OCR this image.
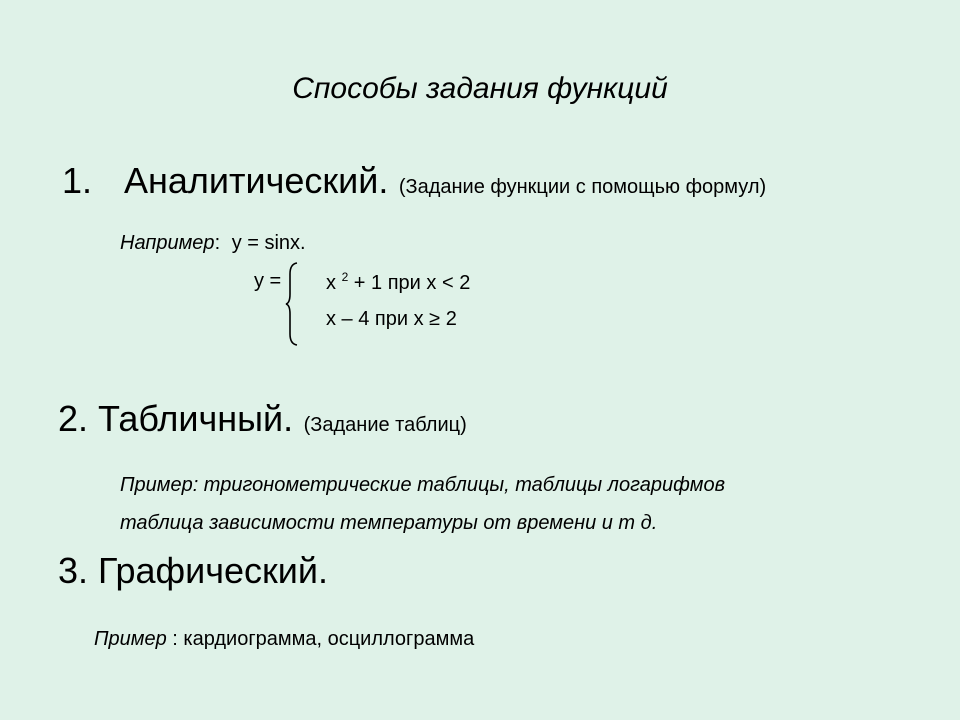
Способы задания функций
1. Аналитический. (Задание функции с помощью формул)
Например: y = sinx.
y = x $^2$ + 1 при x < 2
x – 4 при x ≥ 2
2. Табличный. (Задание таблиц)
Пример: тригонометрические таблицы, таблицы логарифмов
таблица зависимости температуры от времени и т д.
3. Графический.
Пример : кардиограмма, осциллограмма
